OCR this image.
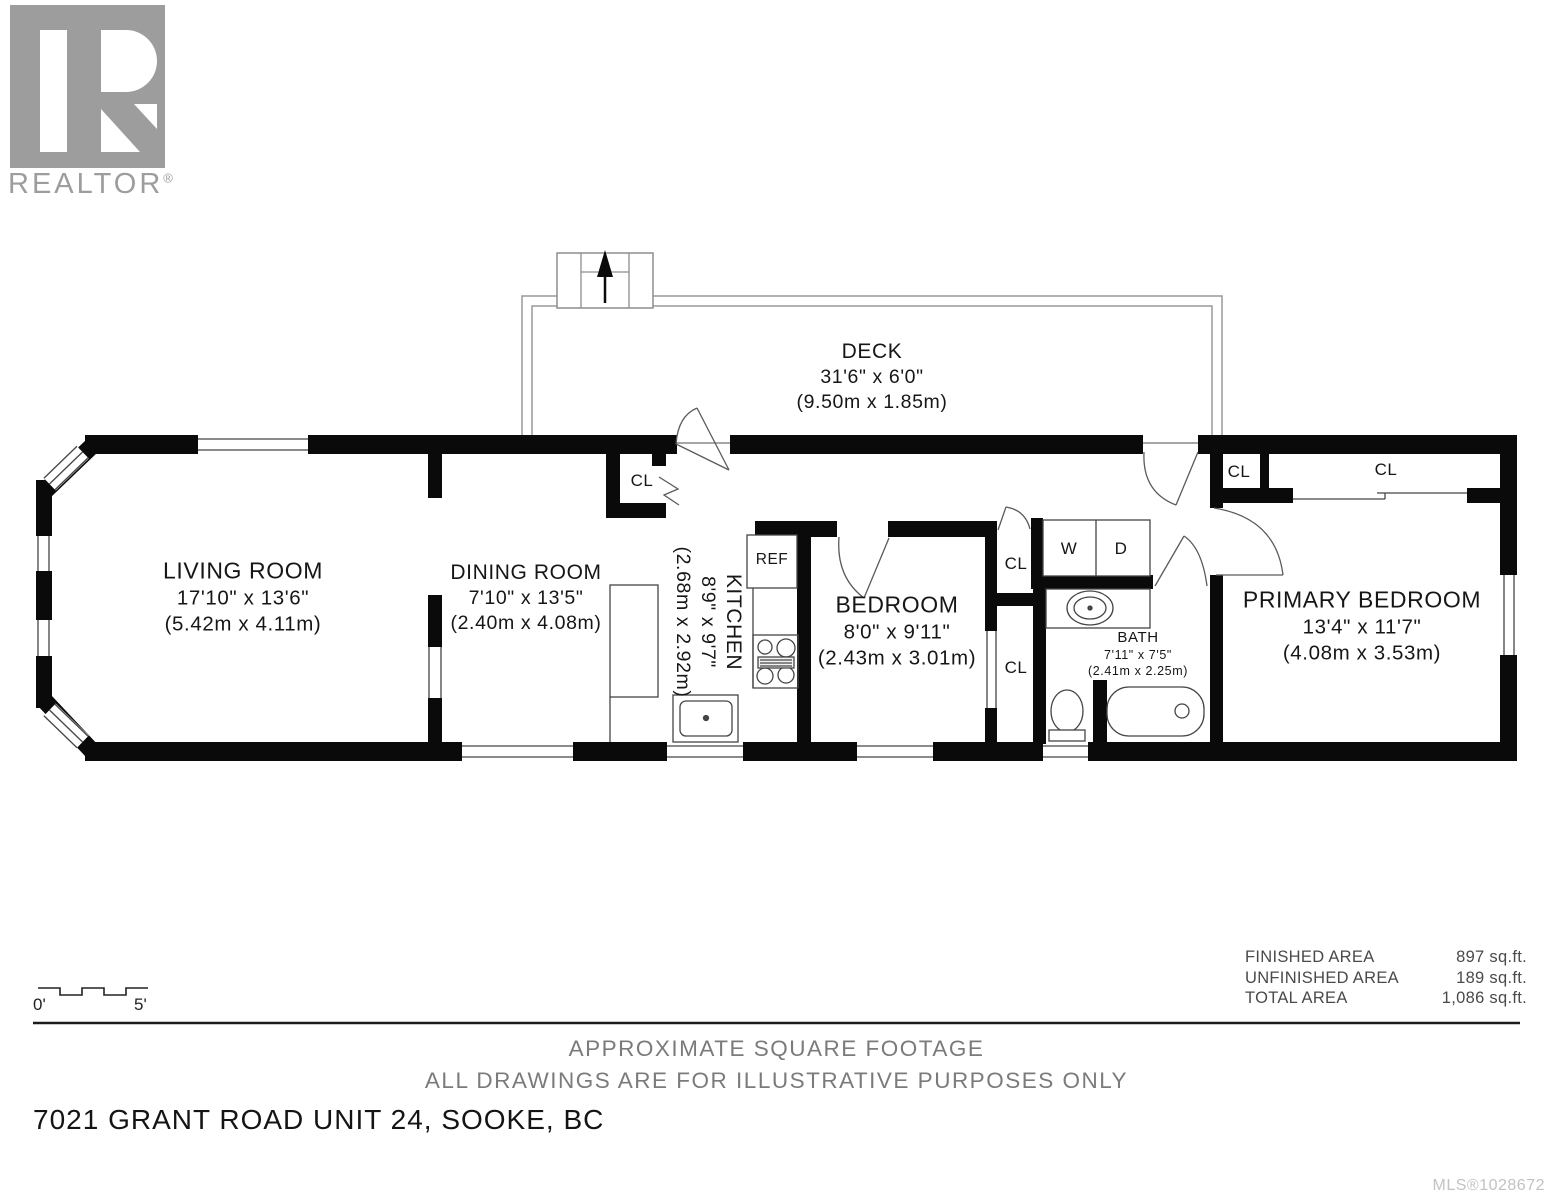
DECK
31'6" x 6'0"
(9.50m x 1.85m)
LIVING ROOM
17'10" x 13'6"
(5.42m x 4.11m)
DINING ROOM
7'10" x 13'5"
(2.40m x 4.08m)	KITCHEN
8'9" x 9'7"
(2.68m x 2.92m)	BEDROOM
8'0" x 9'11"
(2.43m x 3.01m)
BATH
7'11" x 7'5"
(2.41m x 2.25m)
PRIMARY BEDROOM
13'4" x 11'7"
(4.08m x 3.53m)
CL
CL
CL
CL	CL
W D
REF
REALTOR®
FINISHED AREA	897 sq.ft.
UNFINISHED AREA	189 sq.ft.
TOTAL AREA	1,086 sq.ft.
0'	5'
APPROXIMATE SQUARE FOOTAGE
ALL DRAWINGS ARE FOR ILLUSTRATIVE PURPOSES ONLY
7021 GRANT ROAD UNIT 24, SOOKE, BC
MLS®1028672
